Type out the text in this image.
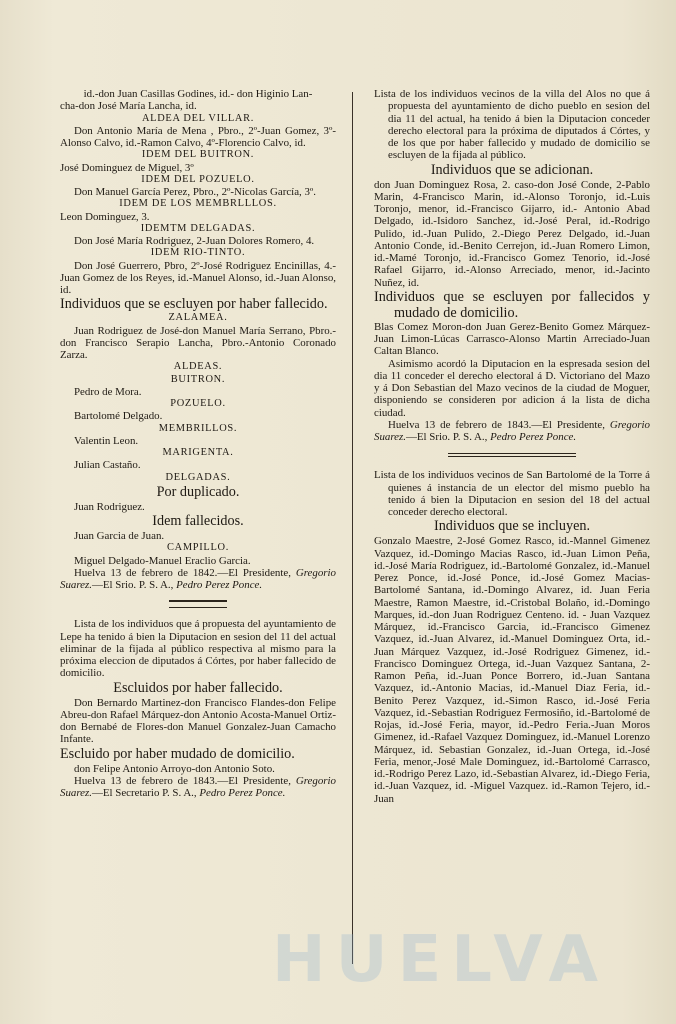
id.-don Juan Casillas Godines, id.- don Higinio Lan-

cha-don José María Lancha, id.

ALDEA DEL VILLAR.

Don Antonio María de Mena , Pbro., 2º-Juan Gomez, 3º-Alonso Calvo, id.-Ramon Calvo, 4º-Florencio Calvo, id.

IDEM DEL BUITRON.

José Dominguez de Miguel, 3º

IDEM DEL POZUELO.

Don Manuel García Perez, Pbro., 2º-Nicolas García, 3º.

IDEM DE LOS MEMBRLLLOS.

Leon Dominguez, 3.

IDEMTM DELGADAS.

Don José María Rodriguez, 2-Juan Dolores Romero, 4.

IDEM RIO-TINTO.

Don José Guerrero, Pbro, 2º-José Rodriguez Encinillas, 4.-Juan Gomez de los Reyes, id.-Manuel Alonso, id.-Juan Alonso, id.

Individuos que se escluyen por haber fallecido.

ZALAMEA.

Juan Rodriguez de José-don Manuel María Serrano, Pbro.-don Francisco Serapio Lancha, Pbro.-Antonio Coronado Zarza.

ALDEAS.

BUITRON.

Pedro de Mora.

POZUELO.

Bartolomé Delgado.

MEMBRILLOS.

Valentin Leon.

MARIGENTA.

Julian Castaño.

DELGADAS.

Por duplicado.

Juan Rodriguez.

Idem fallecidos.

Juan Garcia de Juan.

CAMPILLO.

Miguel Delgado-Manuel Eraclio Garcia.

Huelva 13 de febrero de 1842.—El Presidente, Gregorio Suarez.—El Srio. P. S. A., Pedro Perez Ponce.

Lista de los individuos que á propuesta del ayuntamiento de Lepe ha tenido á bien la Diputacion en sesion del 11 del actual eliminar de la fijada al público respectiva al mismo para la próxima eleccion de diputados á Córtes, por haber fallecido de domicilio.

Escluidos por haber fallecido.

Don Bernardo Martinez-don Francisco Flandes-don Felipe Abreu-don Rafael Márquez-don Antonio Acosta-Manuel Ortiz-don Bernabé de Flores-don Manuel Gonzalez-Juan Camacho Infante.

Escluido por haber mudado de domicilio.

don Felipe Antonio Arroyo-don Antonio Soto.

Huelva 13 de febrero de 1843.—El Presidente, Gregorio Suarez.—El Secretario P. S. A., Pedro Perez Ponce.

Lista de los individuos vecinos de la villa del Alos no que á propuesta del ayuntamiento de dicho pueblo en sesion del dia 11 del actual, ha tenido á bien la Diputacion conceder derecho electoral para la próxima de diputados á Córtes, y de los que por haber fallecido y mudado de domicilio se escluyen de la fijada al público.

Individuos que se adicionan.

don Juan Dominguez Rosa, 2. caso-don José Conde, 2-Pablo Marin, 4-Francisco Marin, id.-Alonso Toronjo, id.-Luis Toronjo, menor, id.-Francisco Gijarro, id.- Antonio Abad Delgado, id.-Isidoro Sanchez, id.-José Peral, id.-Rodrigo Pulido, id.-Juan Pulido, 2.-Diego Perez Delgado, id.-Juan Antonio Conde, id.-Benito Cerrejon, id.-Juan Romero Limon, id.-Mamé Toronjo, id.-Francisco Gomez Tenorio, id.-José Rafael Gijarro, id.-Alonso Arreciado, menor, id.-Jacinto Nuñez, id.

Individuos que se escluyen por fallecidos y mudado de domicilio.

Blas Comez Moron-don Juan Gerez-Benito Gomez Márquez-Juan Limon-Lúcas Carrasco-Alonso Martin Arreciado-Juan Caltan Blanco.

Asimismo acordó la Diputacion en la espresada sesion del dia 11 conceder el derecho electoral á D. Victoriano del Mazo y á Don Sebastian del Mazo vecinos de la ciudad de Moguer, disponiendo se consideren por adicion á la lista de dicha ciudad.

Huelva 13 de febrero de 1843.—El Presidente, Gregorio Suarez.—El Srio. P. S. A., Pedro Perez Ponce.

Lista de los individuos vecinos de San Bartolomé de la Torre á quienes á instancia de un elector del mismo pueblo ha tenido á bien la Diputacion en sesion del 18 del actual conceder derecho electoral.

Individuos que se incluyen.

Gonzalo Maestre, 2-José Gomez Rasco, id.-Mannel Gimenez Vazquez, id.-Domingo Macias Rasco, id.-Juan Limon Peña, id.-José María Rodriguez, id.-Bartolomé Gonzalez, id.-Manuel Perez Ponce, id.-José Ponce, id.-José Gomez Macias-Bartolomé Santana, id.-Domingo Alvarez, id. Juan Feria Maestre, Ramon Maestre, id.-Cristobal Bolaño, id.-Domingo Marques, id.-don Juan Rodriguez Centeno. id. - Juan Vazquez Márquez, id.-Francisco Garcia, id.-Francisco Gimenez Vazquez, id.-Juan Alvarez, id.-Manuel Dominguez Orta, id.-Juan Márquez Vazquez, id.-José Rodriguez Gimenez, id.-Francisco Dominguez Ortega, id.-Juan Vazquez Santana, 2-Ramon Peña, id.-Juan Ponce Borrero, id.-Juan Santana Vazquez, id.-Antonio Macias, id.-Manuel Diaz Feria, id.-Benito Perez Vazquez, id.-Simon Rasco, id.-José Feria Vazquez, id.-Sebastian Rodriguez Fermosiño, id.-Bartolomé de Rojas, id.-José Feria, mayor, id.-Pedro Feria.-Juan Moros Gimenez, id.-Rafael Vazquez Dominguez, id.-Manuel Lorenzo Márquez, id. Sebastian Gonzalez, id.-Juan Ortega, id.-José Feria, menor,-José Male Dominguez, id.-Bartolomé Carrasco, id.-Rodrigo Perez Lazo, id.-Sebastian Alvarez, id.-Diego Feria, id.-Juan Vazquez, id. -Miguel Vazquez. id.-Ramon Tejero, id.- Juan

HUELVA
